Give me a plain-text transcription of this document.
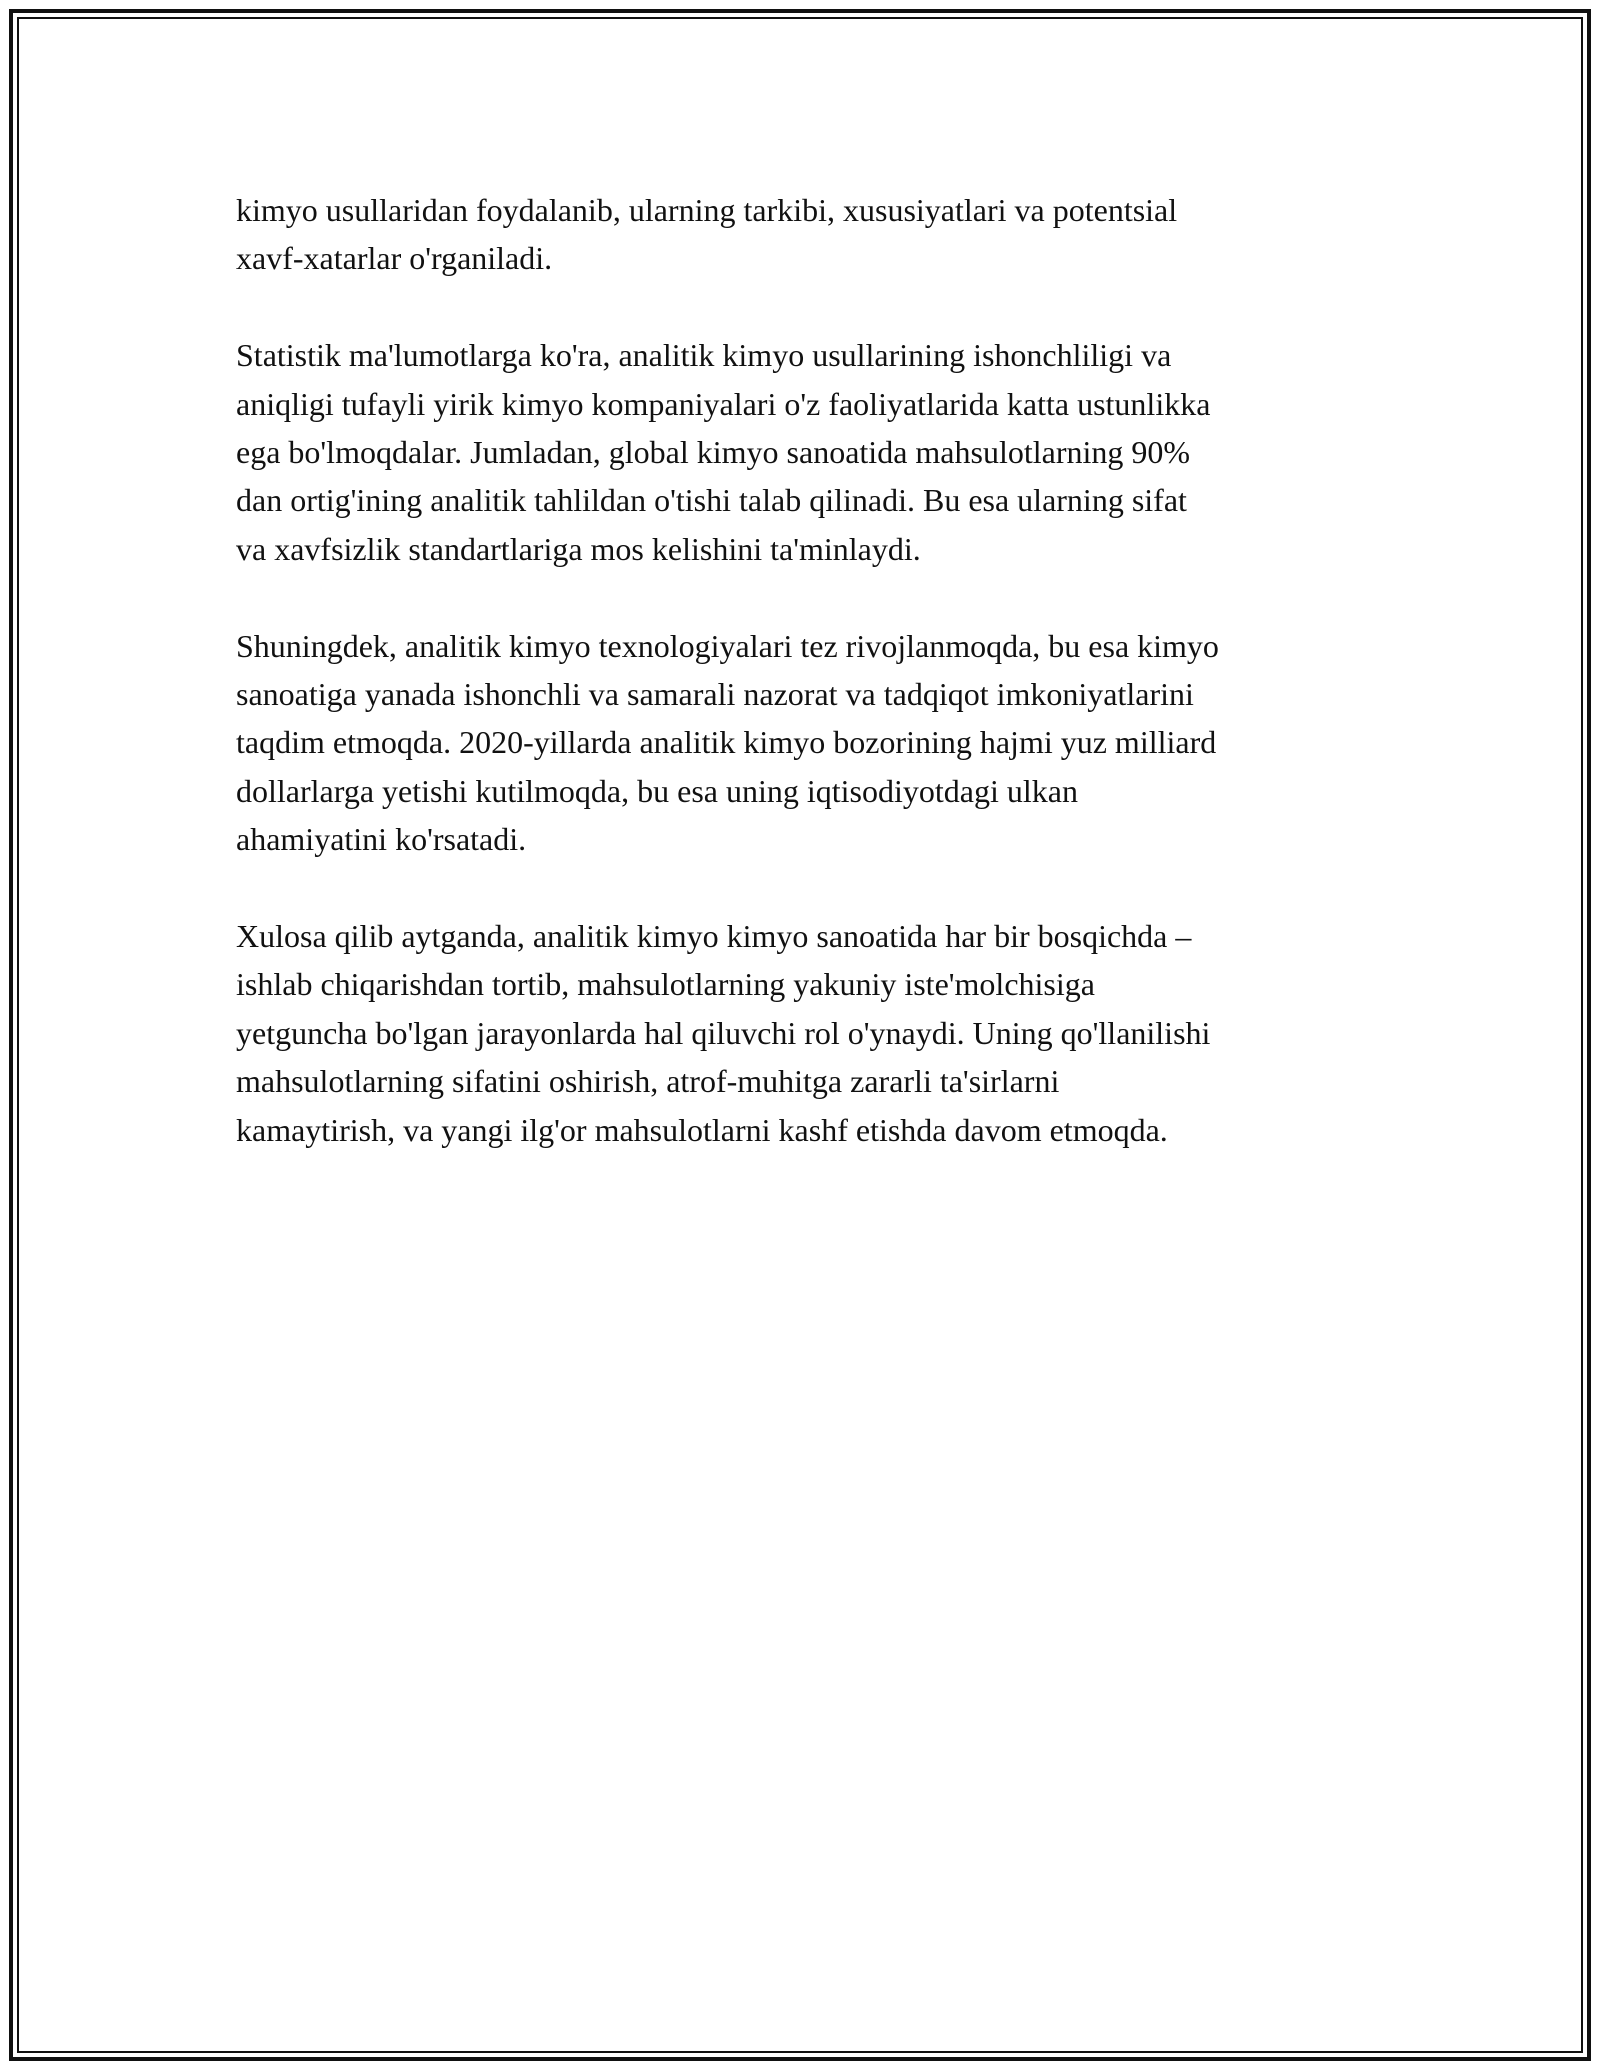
kimyo usullaridan foydalanib, ularning tarkibi, xususiyatlari va potentsial
xavf-xatarlar o'rganiladi.

Statistik ma'lumotlarga ko'ra, analitik kimyo usullarining ishonchliligi va
aniqligi tufayli yirik kimyo kompaniyalari o'z faoliyatlarida katta ustunlikka
ega bo'lmoqdalar. Jumladan, global kimyo sanoatida mahsulotlarning 90%
dan ortig'ining analitik tahlildan o'tishi talab qilinadi. Bu esa ularning sifat
va xavfsizlik standartlariga mos kelishini ta'minlaydi.

Shuningdek, analitik kimyo texnologiyalari tez rivojlanmoqda, bu esa kimyo
sanoatiga yanada ishonchli va samarali nazorat va tadqiqot imkoniyatlarini
taqdim etmoqda. 2020-yillarda analitik kimyo bozorining hajmi yuz milliard
dollarlarga yetishi kutilmoqda, bu esa uning iqtisodiyotdagi ulkan
ahamiyatini ko'rsatadi.

Xulosa qilib aytganda, analitik kimyo kimyo sanoatida har bir bosqichda –
ishlab chiqarishdan tortib, mahsulotlarning yakuniy iste'molchisiga
yetguncha bo'lgan jarayonlarda hal qiluvchi rol o'ynaydi. Uning qo'llanilishi
mahsulotlarning sifatini oshirish, atrof-muhitga zararli ta'sirlarni
kamaytirish, va yangi ilg'or mahsulotlarni kashf etishda davom etmoqda.
